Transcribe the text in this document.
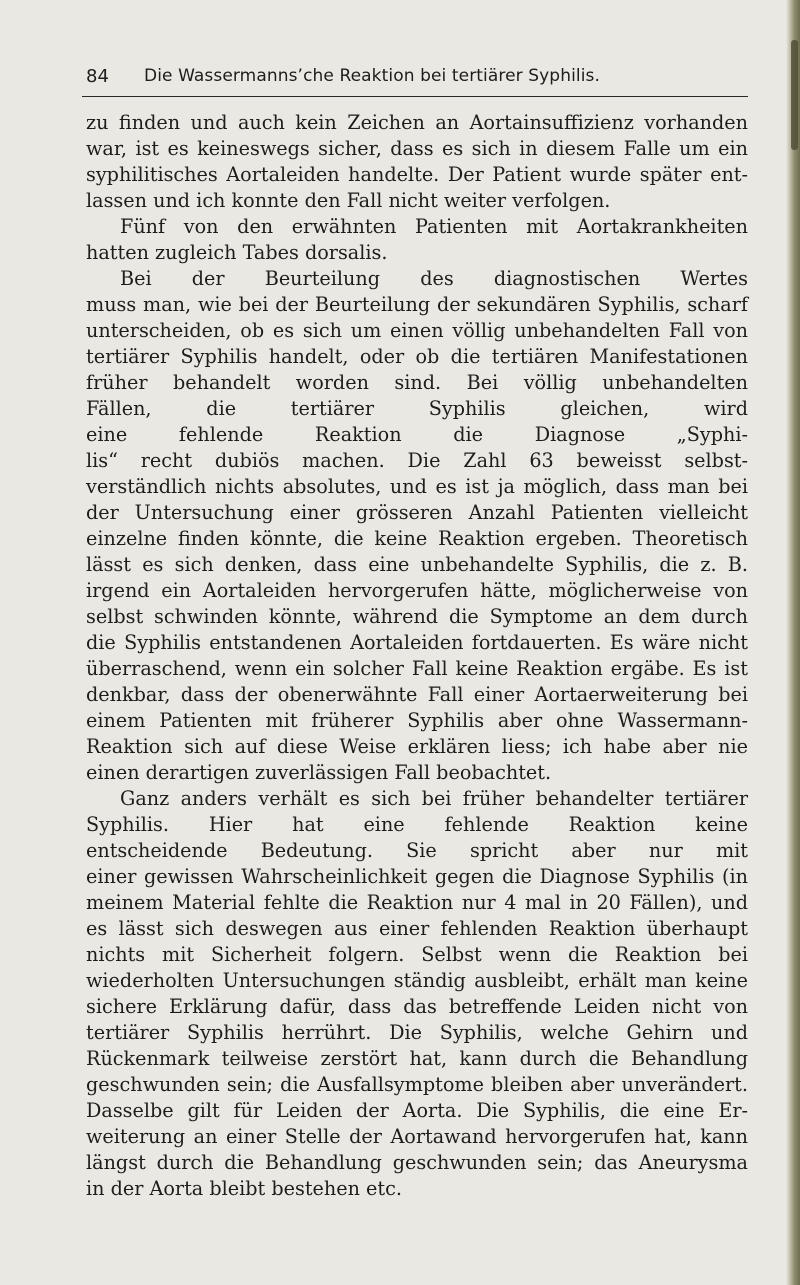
84 Die Wassermanns’che Reaktion bei tertiärer Syphilis.
zu finden und auch kein Zeichen an Aortainsuffizienz vorhanden
war, ist es keineswegs sicher, dass es sich in diesem Falle um ein
syphilitisches Aortaleiden handelte. Der Patient wurde später ent-
lassen und ich konnte den Fall nicht weiter verfolgen.
Fünf von den erwähnten Patienten mit Aortakrankheiten
hatten zugleich Tabes dorsalis.
Bei der Beurteilung des diagnostischen Wertes
muss man, wie bei der Beurteilung der sekundären Syphilis, scharf
unterscheiden, ob es sich um einen völlig unbehandelten Fall von
tertiärer Syphilis handelt, oder ob die tertiären Manifestationen
früher behandelt worden sind. Bei völlig unbehandelten
Fällen, die tertiärer Syphilis gleichen, wird
eine fehlende Reaktion die Diagnose „Syphi-
lis“ recht dubiös machen. Die Zahl 63 beweisst selbst-
verständlich nichts absolutes, und es ist ja möglich, dass man bei
der Untersuchung einer grösseren Anzahl Patienten vielleicht
einzelne finden könnte, die keine Reaktion ergeben. Theoretisch
lässt es sich denken, dass eine unbehandelte Syphilis, die z. B.
irgend ein Aortaleiden hervorgerufen hätte, möglicherweise von
selbst schwinden könnte, während die Symptome an dem durch
die Syphilis entstandenen Aortaleiden fortdauerten. Es wäre nicht
überraschend, wenn ein solcher Fall keine Reaktion ergäbe. Es ist
denkbar, dass der obenerwähnte Fall einer Aortaerweiterung bei
einem Patienten mit früherer Syphilis aber ohne Wassermann-
Reaktion sich auf diese Weise erklären liess; ich habe aber nie
einen derartigen zuverlässigen Fall beobachtet.
Ganz anders verhält es sich bei früher behandelter tertiärer
Syphilis. Hier hat eine fehlende Reaktion keine
entscheidende Bedeutung. Sie spricht aber nur mit
einer gewissen Wahrscheinlichkeit gegen die Diagnose Syphilis (in
meinem Material fehlte die Reaktion nur 4 mal in 20 Fällen), und
es lässt sich deswegen aus einer fehlenden Reaktion überhaupt
nichts mit Sicherheit folgern. Selbst wenn die Reaktion bei
wiederholten Untersuchungen ständig ausbleibt, erhält man keine
sichere Erklärung dafür, dass das betreffende Leiden nicht von
tertiärer Syphilis herrührt. Die Syphilis, welche Gehirn und
Rückenmark teilweise zerstört hat, kann durch die Behandlung
geschwunden sein; die Ausfallsymptome bleiben aber unverändert.
Dasselbe gilt für Leiden der Aorta. Die Syphilis, die eine Er-
weiterung an einer Stelle der Aortawand hervorgerufen hat, kann
längst durch die Behandlung geschwunden sein; das Aneurysma
in der Aorta bleibt bestehen etc.
